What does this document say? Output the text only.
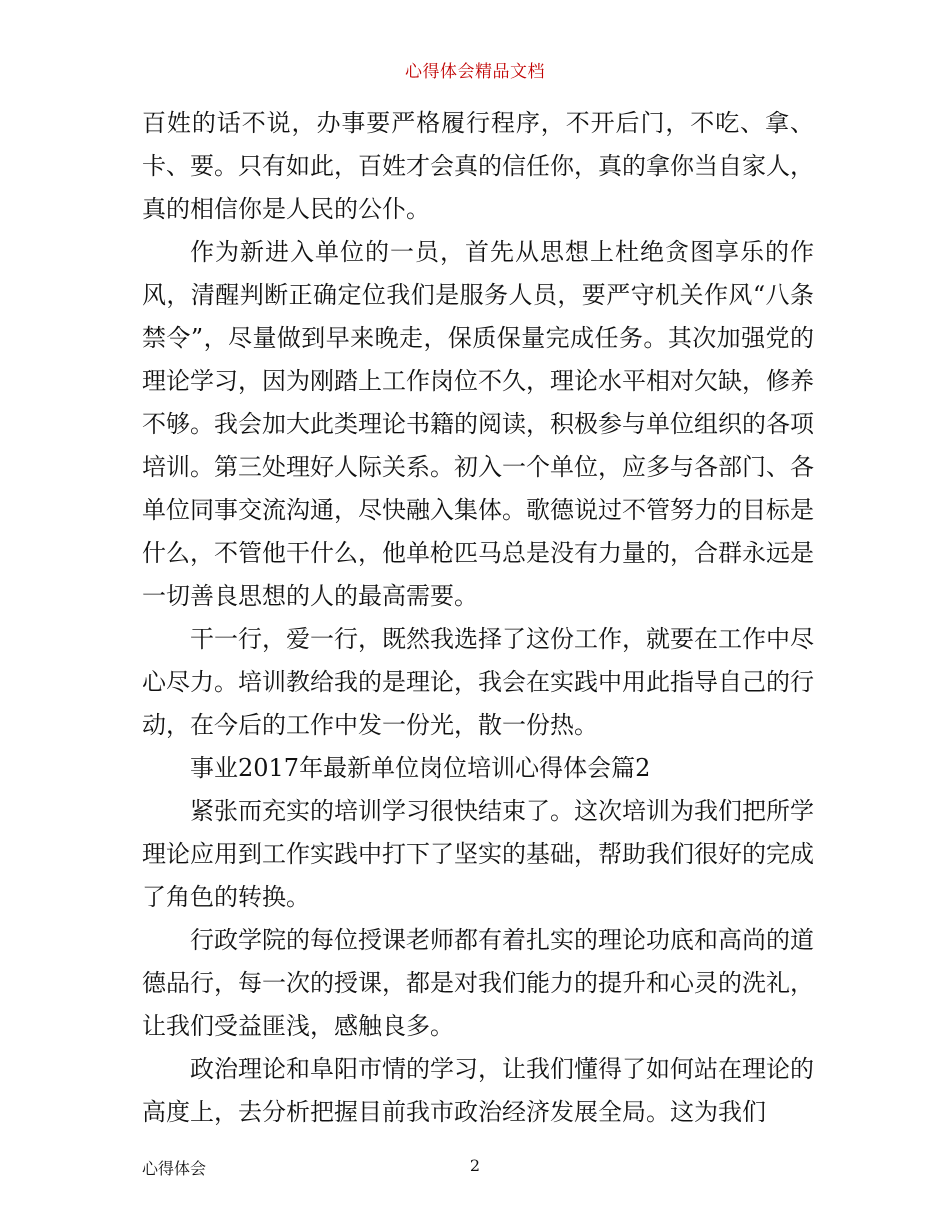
心得体会精品文档

百姓的话不说，办事要严格履行程序，不开后门，不吃、拿、卡、要。只有如此，百姓才会真的信任你，真的拿你当自家人，真的相信你是人民的公仆。

作为新进入单位的一员，首先从思想上杜绝贪图享乐的作风，清醒判断正确定位我们是服务人员，要严守机关作风“八条禁令”，尽量做到早来晚走，保质保量完成任务。其次加强党的理论学习，因为刚踏上工作岗位不久，理论水平相对欠缺，修养不够。我会加大此类理论书籍的阅读，积极参与单位组织的各项培训。第三处理好人际关系。初入一个单位，应多与各部门、各单位同事交流沟通，尽快融入集体。歌德说过不管努力的目标是什么，不管他干什么，他单枪匹马总是没有力量的，合群永远是一切善良思想的人的最高需要。

干一行，爱一行，既然我选择了这份工作，就要在工作中尽心尽力。培训教给我的是理论，我会在实践中用此指导自己的行动，在今后的工作中发一份光，散一份热。

事业2017年最新单位岗位培训心得体会篇2

紧张而充实的培训学习很快结束了。这次培训为我们把所学理论应用到工作实践中打下了坚实的基础，帮助我们很好的完成了角色的转换。

行政学院的每位授课老师都有着扎实的理论功底和高尚的道德品行，每一次的授课，都是对我们能力的提升和心灵的洗礼，让我们受益匪浅，感触良多。

政治理论和阜阳市情的学习，让我们懂得了如何站在理论的高度上，去分析把握目前我市政治经济发展全局。这为我们

心得体会	2
